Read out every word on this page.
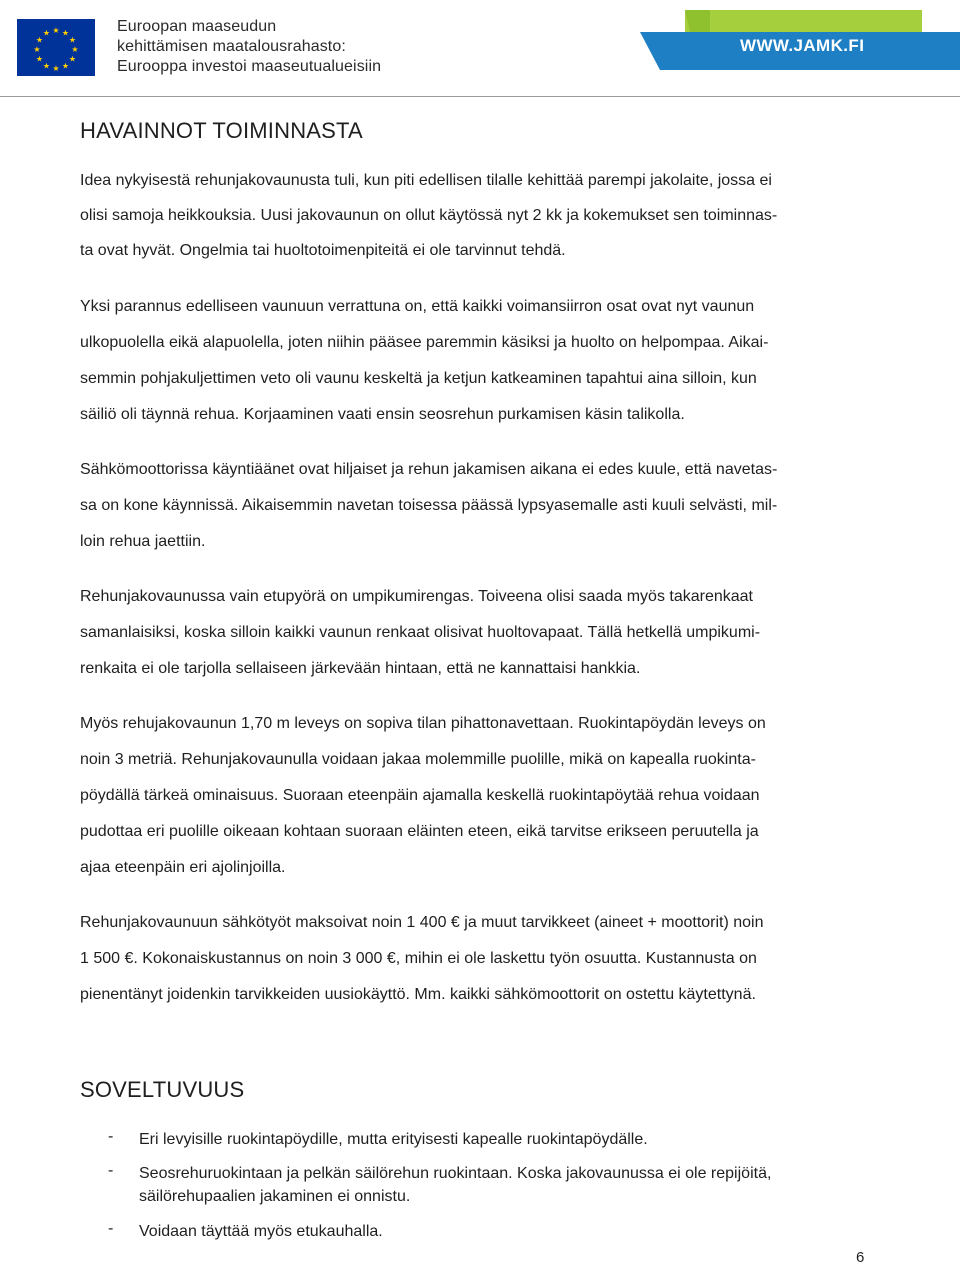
★ ★
★
★
★
★
★
★
★
★
★
★	Euroopan maaseudun
kehittämisen maatalousrahasto:
Eurooppa investoi maaseutualueisiin
WWW.JAMK.FI
HAVAINNOT TOIMINNASTA
Idea nykyisestä rehunjakovaunusta tuli, kun piti edellisen tilalle kehittää parempi jakolaite, jossa ei
olisi samoja heikkouksia. Uusi jakovaunun on ollut käytössä nyt 2 kk ja kokemukset sen toiminnas-
ta ovat hyvät. Ongelmia tai huoltotoimenpiteitä ei ole tarvinnut tehdä.
Yksi parannus edelliseen vaunuun verrattuna on, että kaikki voimansiirron osat ovat nyt vaunun
ulkopuolella eikä alapuolella, joten niihin pääsee paremmin käsiksi ja huolto on helpompaa. Aikai-
semmin pohjakuljettimen veto oli vaunu keskeltä ja ketjun katkeaminen tapahtui aina silloin, kun
säiliö oli täynnä rehua. Korjaaminen vaati ensin seosrehun purkamisen käsin talikolla.
Sähkömoottorissa käyntiäänet ovat hiljaiset ja rehun jakamisen aikana ei edes kuule, että navetas-
sa on kone käynnissä. Aikaisemmin navetan toisessa päässä lypsyasemalle asti kuuli selvästi, mil-
loin rehua jaettiin.
Rehunjakovaunussa vain etupyörä on umpikumirengas. Toiveena olisi saada myös takarenkaat
samanlaisiksi, koska silloin kaikki vaunun renkaat olisivat huoltovapaat. Tällä hetkellä umpikumi-
renkaita ei ole tarjolla sellaiseen järkevään hintaan, että ne kannattaisi hankkia.
Myös rehujakovaunun 1,70 m leveys on sopiva tilan pihattonavettaan. Ruokintapöydän leveys on
noin 3 metriä. Rehunjakovaunulla voidaan jakaa molemmille puolille, mikä on kapealla ruokinta-
pöydällä tärkeä ominaisuus. Suoraan eteenpäin ajamalla keskellä ruokintapöytää rehua voidaan
pudottaa eri puolille oikeaan kohtaan suoraan eläinten eteen, eikä tarvitse erikseen peruutella ja
ajaa eteenpäin eri ajolinjoilla.
Rehunjakovaunuun sähkötyöt maksoivat noin 1 400 € ja muut tarvikkeet (aineet + moottorit) noin
1 500 €. Kokonaiskustannus on noin 3 000 €, mihin ei ole laskettu työn osuutta. Kustannusta on
pienentänyt joidenkin tarvikkeiden uusiokäyttö. Mm. kaikki sähkömoottorit on ostettu käytettynä.
SOVELTUVUUS
- Eri levyisille ruokintapöydille, mutta erityisesti kapealle ruokintapöydälle.
- Seosrehuruokintaan ja pelkän säilörehun ruokintaan. Koska jakovaunussa ei ole repijöitä,
säilörehupaalien jakaminen ei onnistu.
- Voidaan täyttää myös etukauhalla.
6
